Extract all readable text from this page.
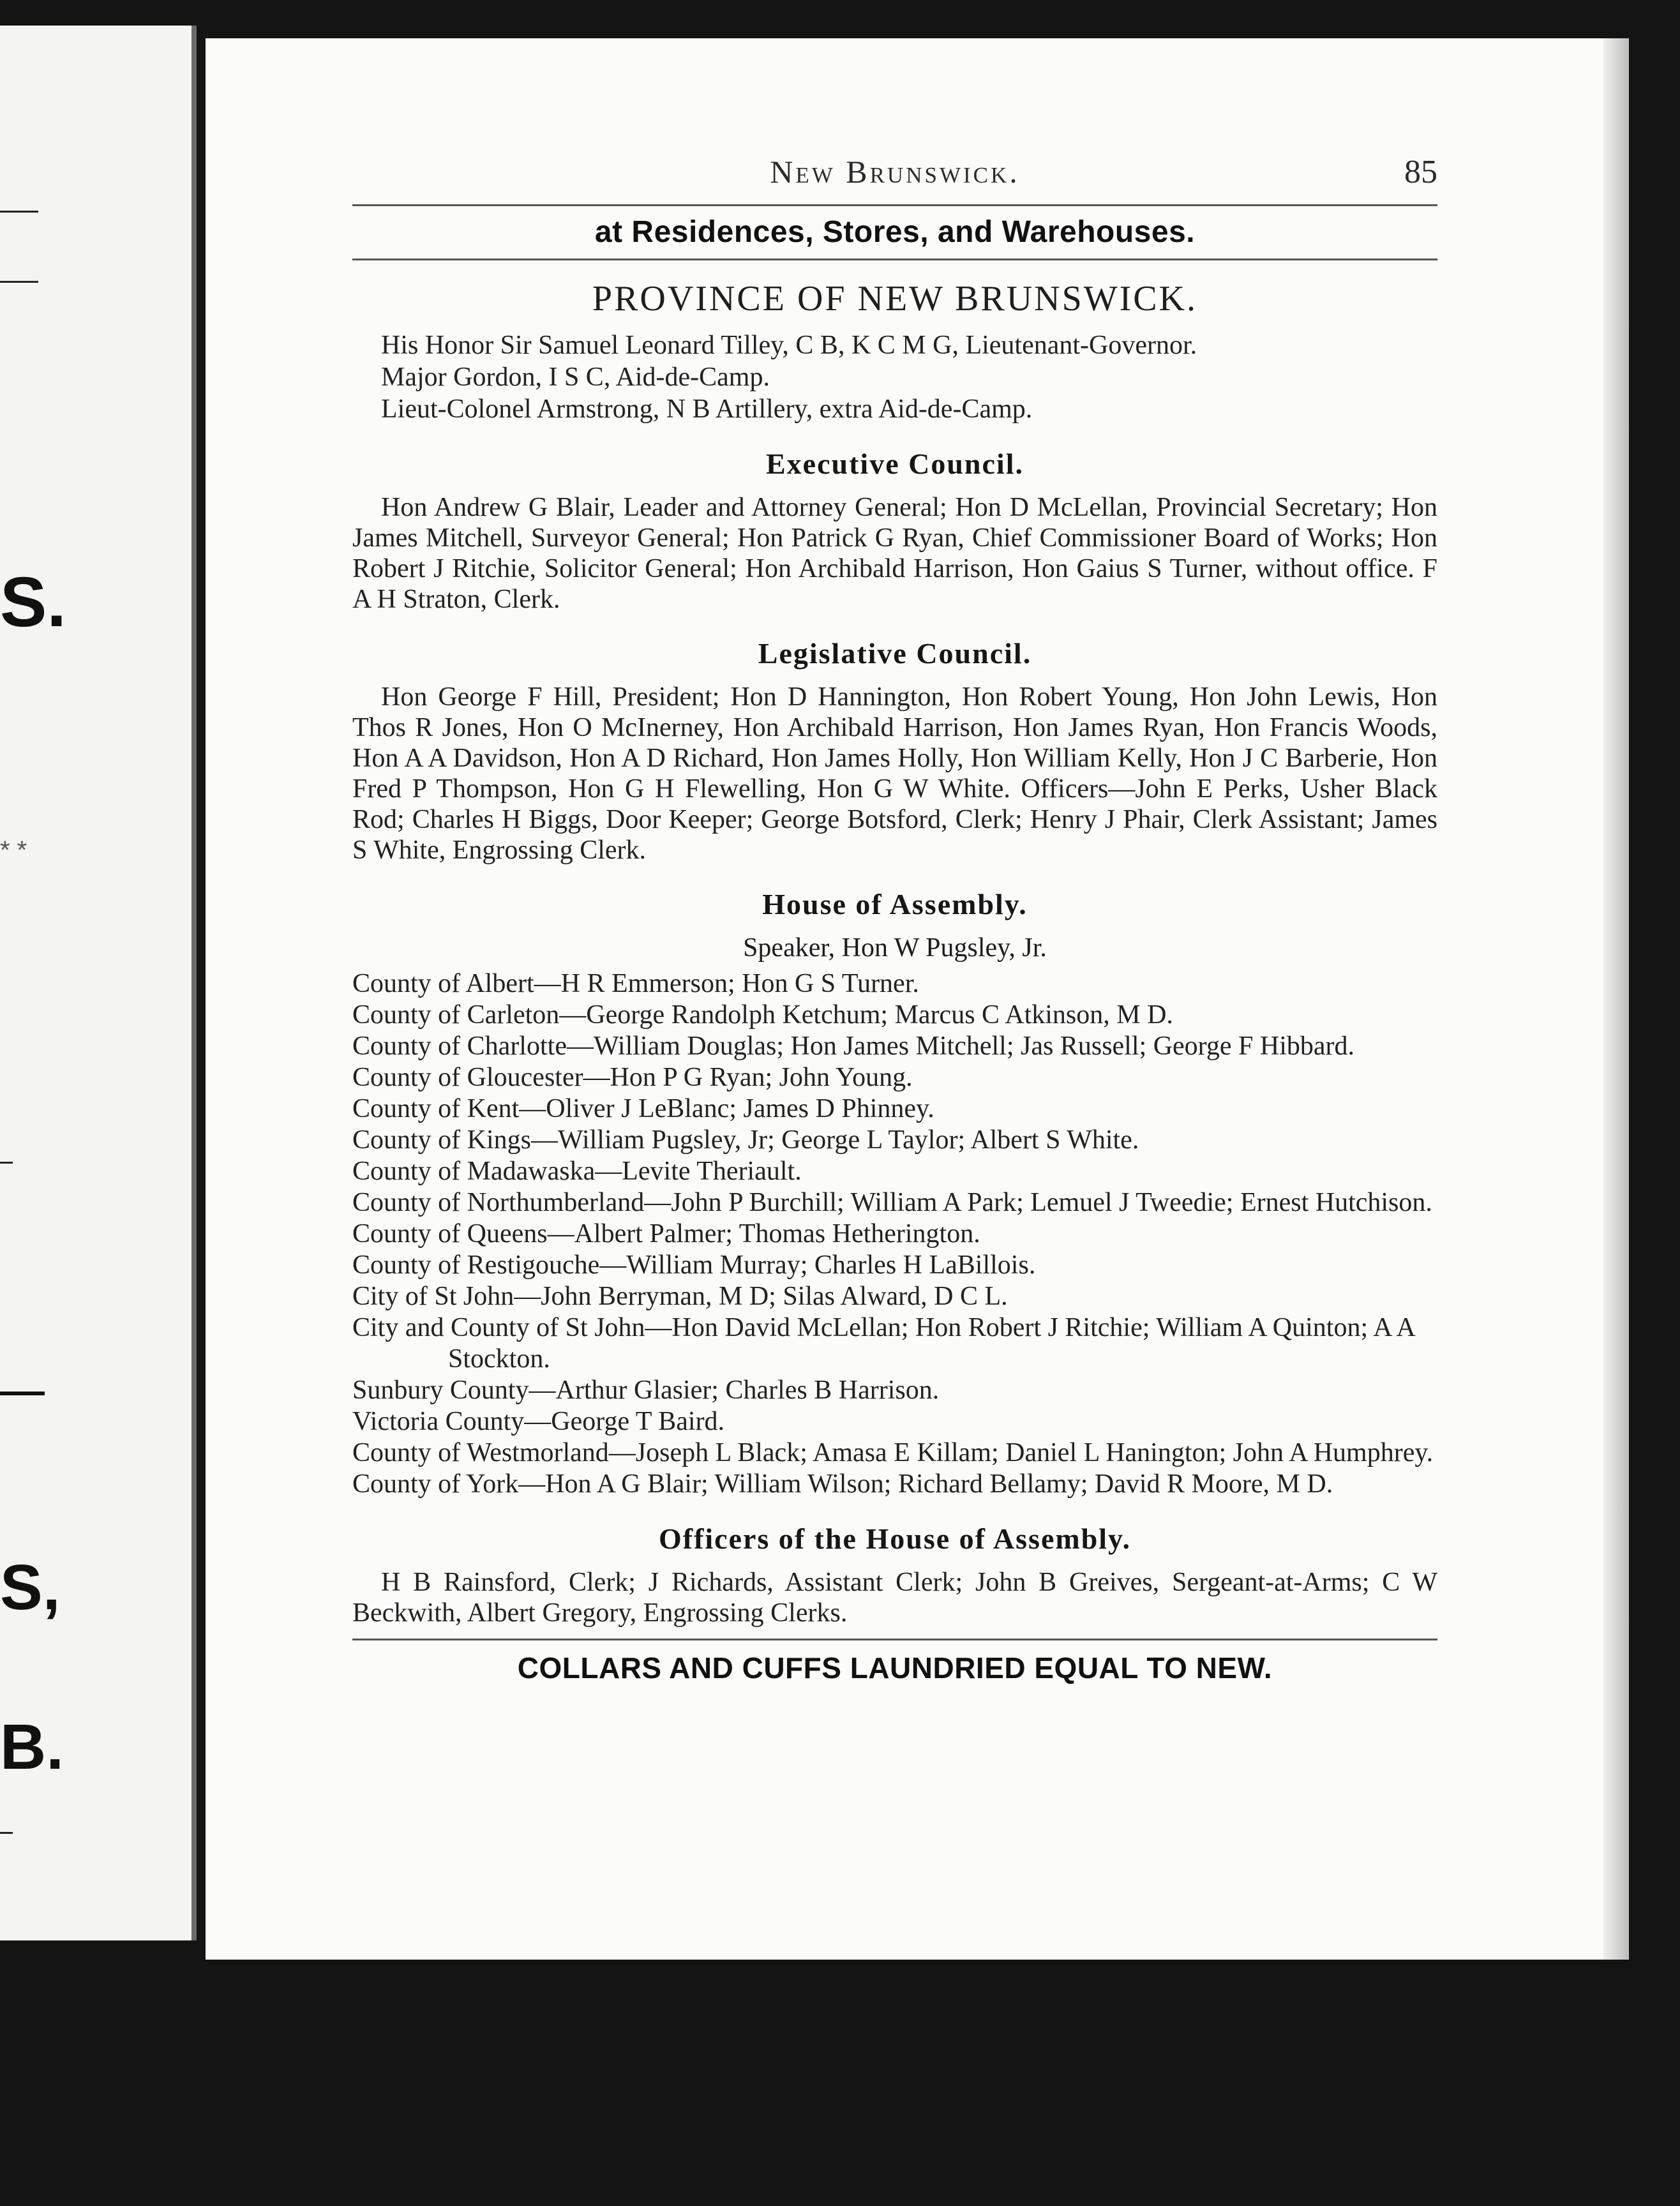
S.
* *
S,
B.
New Brunswick.	85
at Residences, Stores, and Warehouses.
PROVINCE OF NEW BRUNSWICK.
His Honor Sir Samuel Leonard Tilley, C B, K C M G, Lieutenant-Governor.
Major Gordon, I S C, Aid-de-Camp.
Lieut-Colonel Armstrong, N B Artillery, extra Aid-de-Camp.
Executive Council.

Hon Andrew G Blair, Leader and Attorney General; Hon D McLellan, Provincial Secretary; Hon James Mitchell, Surveyor General; Hon Patrick G Ryan, Chief Commissioner Board of Works; Hon Robert J Ritchie, Solicitor General; Hon Archibald Harrison, Hon Gaius S Turner, without office. F A H Straton, Clerk.

Legislative Council.

Hon George F Hill, President; Hon D Hannington, Hon Robert Young, Hon John Lewis, Hon Thos R Jones, Hon O McInerney, Hon Archibald Harrison, Hon James Ryan, Hon Francis Woods, Hon A A Davidson, Hon A D Richard, Hon James Holly, Hon William Kelly, Hon J C Barberie, Hon Fred P Thompson, Hon G H Flewelling, Hon G W White. Officers—John E Perks, Usher Black Rod; Charles H Biggs, Door Keeper; George Botsford, Clerk; Henry J Phair, Clerk Assistant; James S White, Engrossing Clerk.

House of Assembly.
Speaker, Hon W Pugsley, Jr.
County of Albert—H R Emmerson; Hon G S Turner.
County of Carleton—George Randolph Ketchum; Marcus C Atkinson, M D.
County of Charlotte—William Douglas; Hon James Mitchell; Jas Russell; George F Hibbard.
County of Gloucester—Hon P G Ryan; John Young.
County of Kent—Oliver J LeBlanc; James D Phinney.
County of Kings—William Pugsley, Jr; George L Taylor; Albert S White.
County of Madawaska—Levite Theriault.
County of Northumberland—John P Burchill; William A Park; Lemuel J Tweedie; Ernest Hutchison.
County of Queens—Albert Palmer; Thomas Hetherington.
County of Restigouche—William Murray; Charles H LaBillois.
City of St John—John Berryman, M D; Silas Alward, D C L.
City and County of St John—Hon David McLellan; Hon Robert J Ritchie; William A Quinton; A A Stockton.
Sunbury County—Arthur Glasier; Charles B Harrison.
Victoria County—George T Baird.
County of Westmorland—Joseph L Black; Amasa E Killam; Daniel L Hanington; John A Humphrey.
County of York—Hon A G Blair; William Wilson; Richard Bellamy; David R Moore, M D.
Officers of the House of Assembly.

H B Rainsford, Clerk; J Richards, Assistant Clerk; John B Greives, Sergeant-at-Arms; C W Beckwith, Albert Gregory, Engrossing Clerks.

COLLARS AND CUFFS LAUNDRIED EQUAL TO NEW.
